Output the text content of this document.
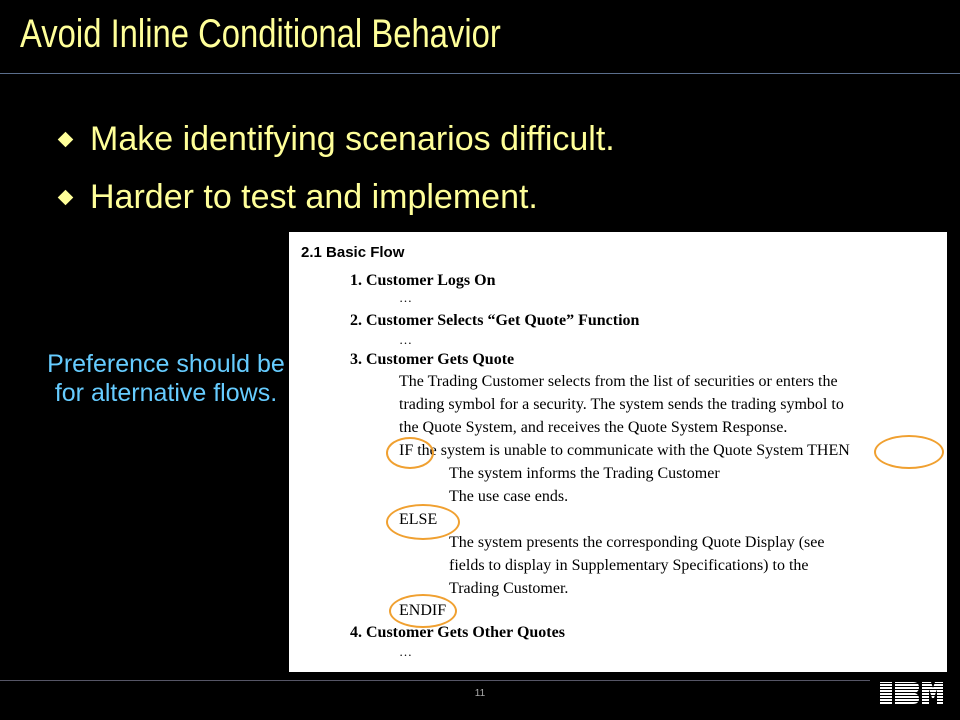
Avoid Inline Conditional Behavior
Make identifying scenarios difficult.
Harder to test and implement.
Preference should be for alternative flows.
2.1 Basic Flow
1. Customer Logs On
…
2. Customer Selects “Get Quote” Function
…
3. Customer Gets Quote
The Trading Customer selects from the list of securities or enters the
trading symbol for a security. The system sends the trading symbol to
the Quote System, and receives the Quote System Response.
IF the system is unable to communicate with the Quote System THEN
The system informs the Trading Customer
The use case ends.
ELSE
The system presents the corresponding Quote Display (see
fields to display in Supplementary Specifications) to the
Trading Customer.
ENDIF
4. Customer Gets Other Quotes
…
11
